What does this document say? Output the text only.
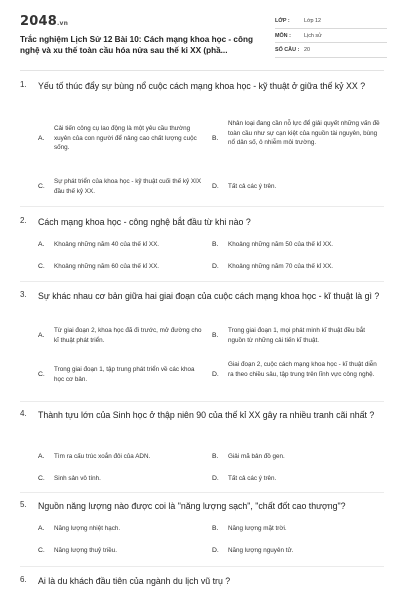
2048.vn
Trắc nghiệm Lịch Sử 12 Bài 10: Cách mạng khoa học - công nghệ và xu thế toàn cầu hóa nửa sau thế kỉ XX (phầ...
LỚP :	Lớp 12
MÔN : Lịch sử
SỐ CÂU : 20
1. Yếu tố thúc đẩy sự bùng nổ cuộc cách mạng khoa học - kỹ thuật ở giữa thế kỷ XX ?
A.
Cải tiến công cụ lao động là một yêu cầu thường xuyên của con người để nâng cao chất lượng cuộc sống.
B.
Nhân loại đang cần nỗ lực để giải quyết những vấn đề toàn cầu như sự cạn kiệt của nguồn tài nguyên, bùng nổ dân số, ô nhiễm môi trường.
C.
Sự phát triển của khoa học - kỹ thuật cuối thế kỷ XIX đầu thế kỷ XX.
D. Tất cả các ý trên.
2. Cách mạng khoa học - công nghệ bắt đầu từ khi nào ?
A. Khoảng những năm 40 của thế kỉ XX.	B. Khoảng những năm 50 của thế kỉ XX.
C. Khoảng những năm 60 của thế kỉ XX.	D. Khoảng những năm 70 của thế kỉ XX.
3. Sự khác nhau cơ bản giữa hai giai đoạn của cuộc cách mạng khoa học - kĩ thuật là gì ?
A.
Từ giai đoạn 2, khoa học đã đi trước, mở đường cho kĩ thuật phát triển.
B.
Trong giai đoạn 1, mọi phát minh kĩ thuật đều bắt nguồn từ những cải tiến kĩ thuật.
C.
Trong giai đoạn 1, tập trung phát triển về các khoa học cơ bản.
D.
Giai đoạn 2, cuộc cách mạng khoa học - kĩ thuật diễn ra theo chiều sâu, tập trung trên lĩnh vực công nghệ.
4. Thành tựu lớn của Sinh học ở thập niên 90 của thế kỉ XX gây ra nhiều tranh cãi nhất ?
A. Tìm ra cấu trúc xoắn đôi của ADN.	B. Giải mã bản đồ gen.
C. Sinh sản vô tính.	D. Tất cả các ý trên.
5. Nguồn năng lượng nào được coi là "năng lượng sạch", "chất đốt cao thượng"?
A. Năng lượng nhiệt hạch.	B. Năng lượng mặt trời.
C. Năng lượng thuỷ triều.	D. Năng lượng nguyên tử.
6. Ai là du khách đầu tiên của ngành du lịch vũ trụ ?
